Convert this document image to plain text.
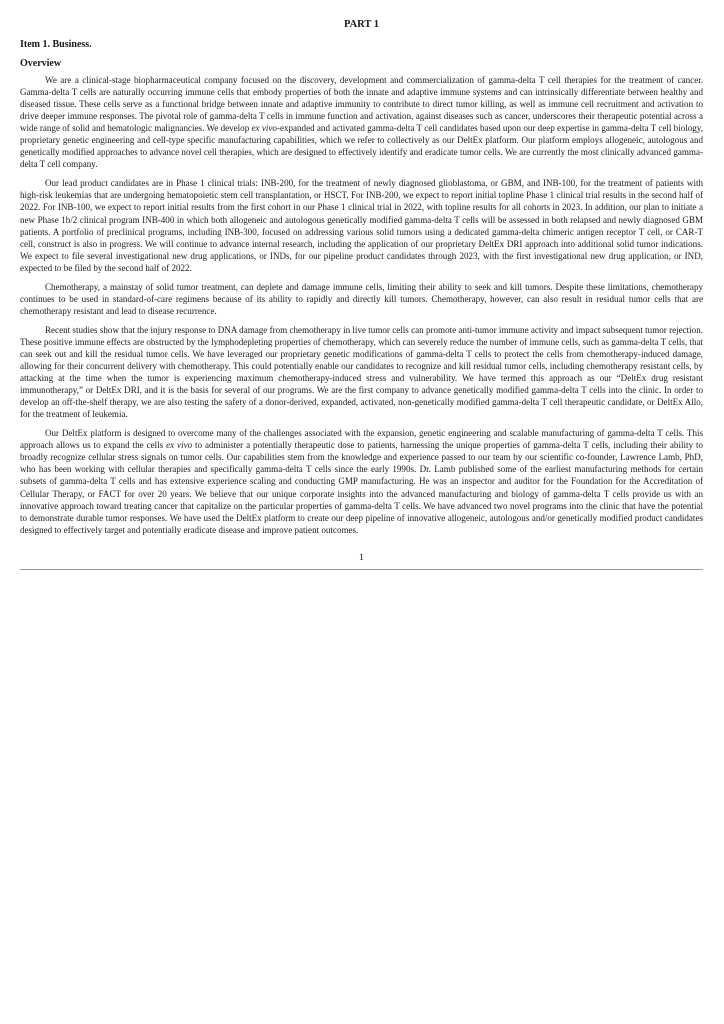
PART 1
Item 1. Business.
Overview

We are a clinical-stage biopharmaceutical company focused on the discovery, development and commercialization of gamma-delta T cell therapies for the treatment of cancer. Gamma-delta T cells are naturally occurring immune cells that embody properties of both the innate and adaptive immune systems and can intrinsically differentiate between healthy and diseased tissue. These cells serve as a functional bridge between innate and adaptive immunity to contribute to direct tumor killing, as well as immune cell recruitment and activation to drive deeper immune responses. The pivotal role of gamma-delta T cells in immune function and activation, against diseases such as cancer, underscores their therapeutic potential across a wide range of solid and hematologic malignancies. We develop ex vivo-expanded and activated gamma-delta T cell candidates based upon our deep expertise in gamma-delta T cell biology, proprietary genetic engineering and cell-type specific manufacturing capabilities, which we refer to collectively as our DeltEx platform. Our platform employs allogeneic, autologous and genetically modified approaches to advance novel cell therapies, which are designed to effectively identify and eradicate tumor cells. We are currently the most clinically advanced gamma-delta T cell company.

Our lead product candidates are in Phase 1 clinical trials: INB-200, for the treatment of newly diagnosed glioblastoma, or GBM, and INB-100, for the treatment of patients with high-risk leukemias that are undergoing hematopoietic stem cell transplantation, or HSCT. For INB-200, we expect to report initial topline Phase 1 clinical trial results in the second half of 2022. For INB-100, we expect to report initial results from the first cohort in our Phase 1 clinical trial in 2022, with topline results for all cohorts in 2023. In addition, our plan to initiate a new Phase 1b/2 clinical program INB-400 in which both allogeneic and autologous genetically modified gamma-delta T cells will be assessed in both relapsed and newly diagnosed GBM patients. A portfolio of preclinical programs, including INB-300, focused on addressing various solid tumors using a dedicated gamma-delta chimeric antigen receptor T cell, or CAR-T cell, construct is also in progress. We will continue to advance internal research, including the application of our proprietary DeltEx DRI approach into additional solid tumor indications. We expect to file several investigational new drug applications, or INDs, for our pipeline product candidates through 2023, with the first investigational new drug application, or IND, expected to be filed by the second half of 2022.

Chemotherapy, a mainstay of solid tumor treatment, can deplete and damage immune cells, limiting their ability to seek and kill tumors. Despite these limitations, chemotherapy continues to be used in standard-of-care regimens because of its ability to rapidly and directly kill tumors. Chemotherapy, however, can also result in residual tumor cells that are chemotherapy resistant and lead to disease recurrence.

Recent studies show that the injury response to DNA damage from chemotherapy in live tumor cells can promote anti-tumor immune activity and impact subsequent tumor rejection. These positive immune effects are obstructed by the lymphodepleting properties of chemotherapy, which can severely reduce the number of immune cells, such as gamma-delta T cells, that can seek out and kill the residual tumor cells. We have leveraged our proprietary genetic modifications of gamma-delta T cells to protect the cells from chemotherapy-induced damage, allowing for their concurrent delivery with chemotherapy. This could potentially enable our candidates to recognize and kill residual tumor cells, including chemotherapy resistant cells, by attacking at the time when the tumor is experiencing maximum chemotherapy-induced stress and vulnerability. We have termed this approach as our “DeltEx drug resistant immunotherapy,” or DeltEx DRI, and it is the basis for several of our programs. We are the first company to advance genetically modified gamma-delta T cells into the clinic. In order to develop an off-the-shelf therapy, we are also testing the safety of a donor-derived, expanded, activated, non-genetically modified gamma-delta T cell therapeutic candidate, or DeltEx Allo, for the treatment of leukemia.

Our DeltEx platform is designed to overcome many of the challenges associated with the expansion, genetic engineering and scalable manufacturing of gamma-delta T cells. This approach allows us to expand the cells ex vivo to administer a potentially therapeutic dose to patients, harnessing the unique properties of gamma-delta T cells, including their ability to broadly recognize cellular stress signals on tumor cells. Our capabilities stem from the knowledge and experience passed to our team by our scientific co-founder, Lawrence Lamb, PhD, who has been working with cellular therapies and specifically gamma-delta T cells since the early 1990s. Dr. Lamb published some of the earliest manufacturing methods for certain subsets of gamma-delta T cells and has extensive experience scaling and conducting GMP manufacturing. He was an inspector and auditor for the Foundation for the Accreditation of Cellular Therapy, or FACT for over 20 years. We believe that our unique corporate insights into the advanced manufacturing and biology of gamma-delta T cells provide us with an innovative approach toward treating cancer that capitalize on the particular properties of gamma-delta T cells. We have advanced two novel programs into the clinic that have the potential to demonstrate durable tumor responses. We have used the DeltEx platform to create our deep pipeline of innovative allogeneic, autologous and/or genetically modified product candidates designed to effectively target and potentially eradicate disease and improve patient outcomes.

1
